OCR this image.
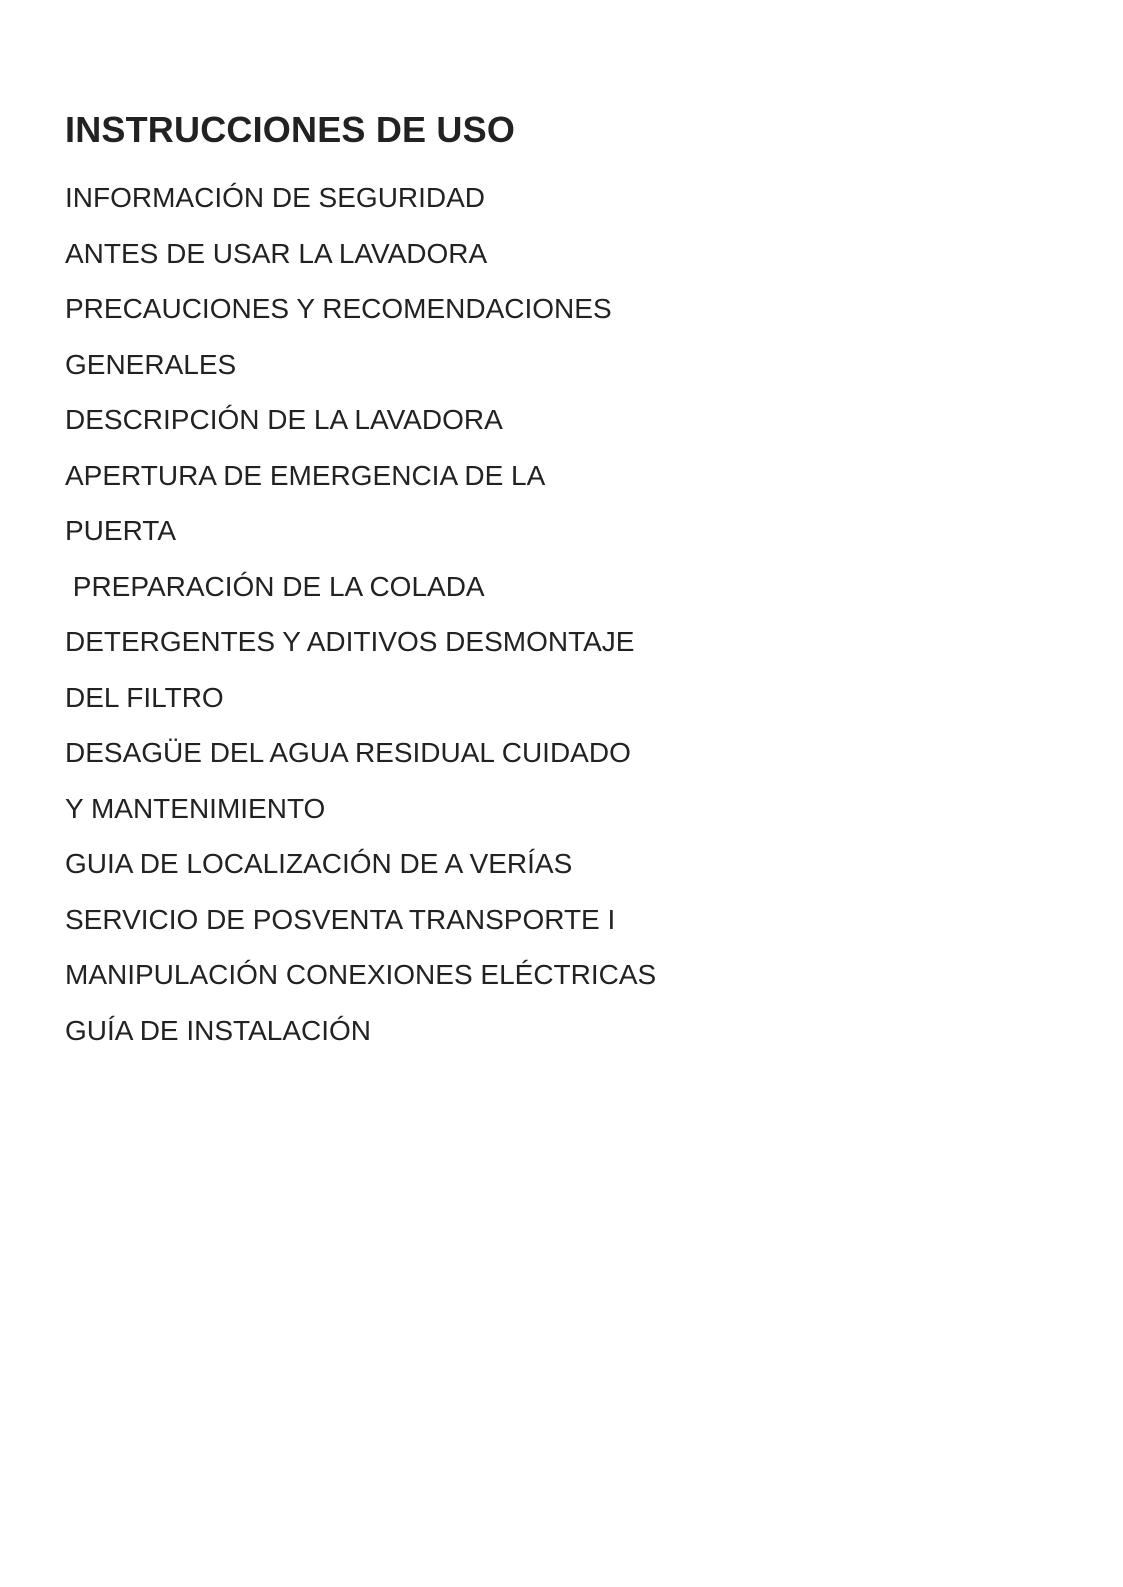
INSTRUCCIONES DE USO
INFORMACIÓN DE SEGURIDAD
ANTES DE USAR LA LAVADORA
PRECAUCIONES Y RECOMENDACIONES
GENERALES
DESCRIPCIÓN DE LA LAVADORA
APERTURA DE EMERGENCIA DE LA
PUERTA
PREPARACIÓN DE LA COLADA
DETERGENTES Y ADITIVOS DESMONTAJE
DEL FILTRO
DESAGÜE DEL AGUA RESIDUAL CUIDADO
Y MANTENIMIENTO
GUIA DE LOCALIZACIÓN DE A VERÍAS
SERVICIO DE POSVENTA TRANSPORTE I
MANIPULACIÓN CONEXIONES ELÉCTRICAS
GUÍA DE INSTALACIÓN
